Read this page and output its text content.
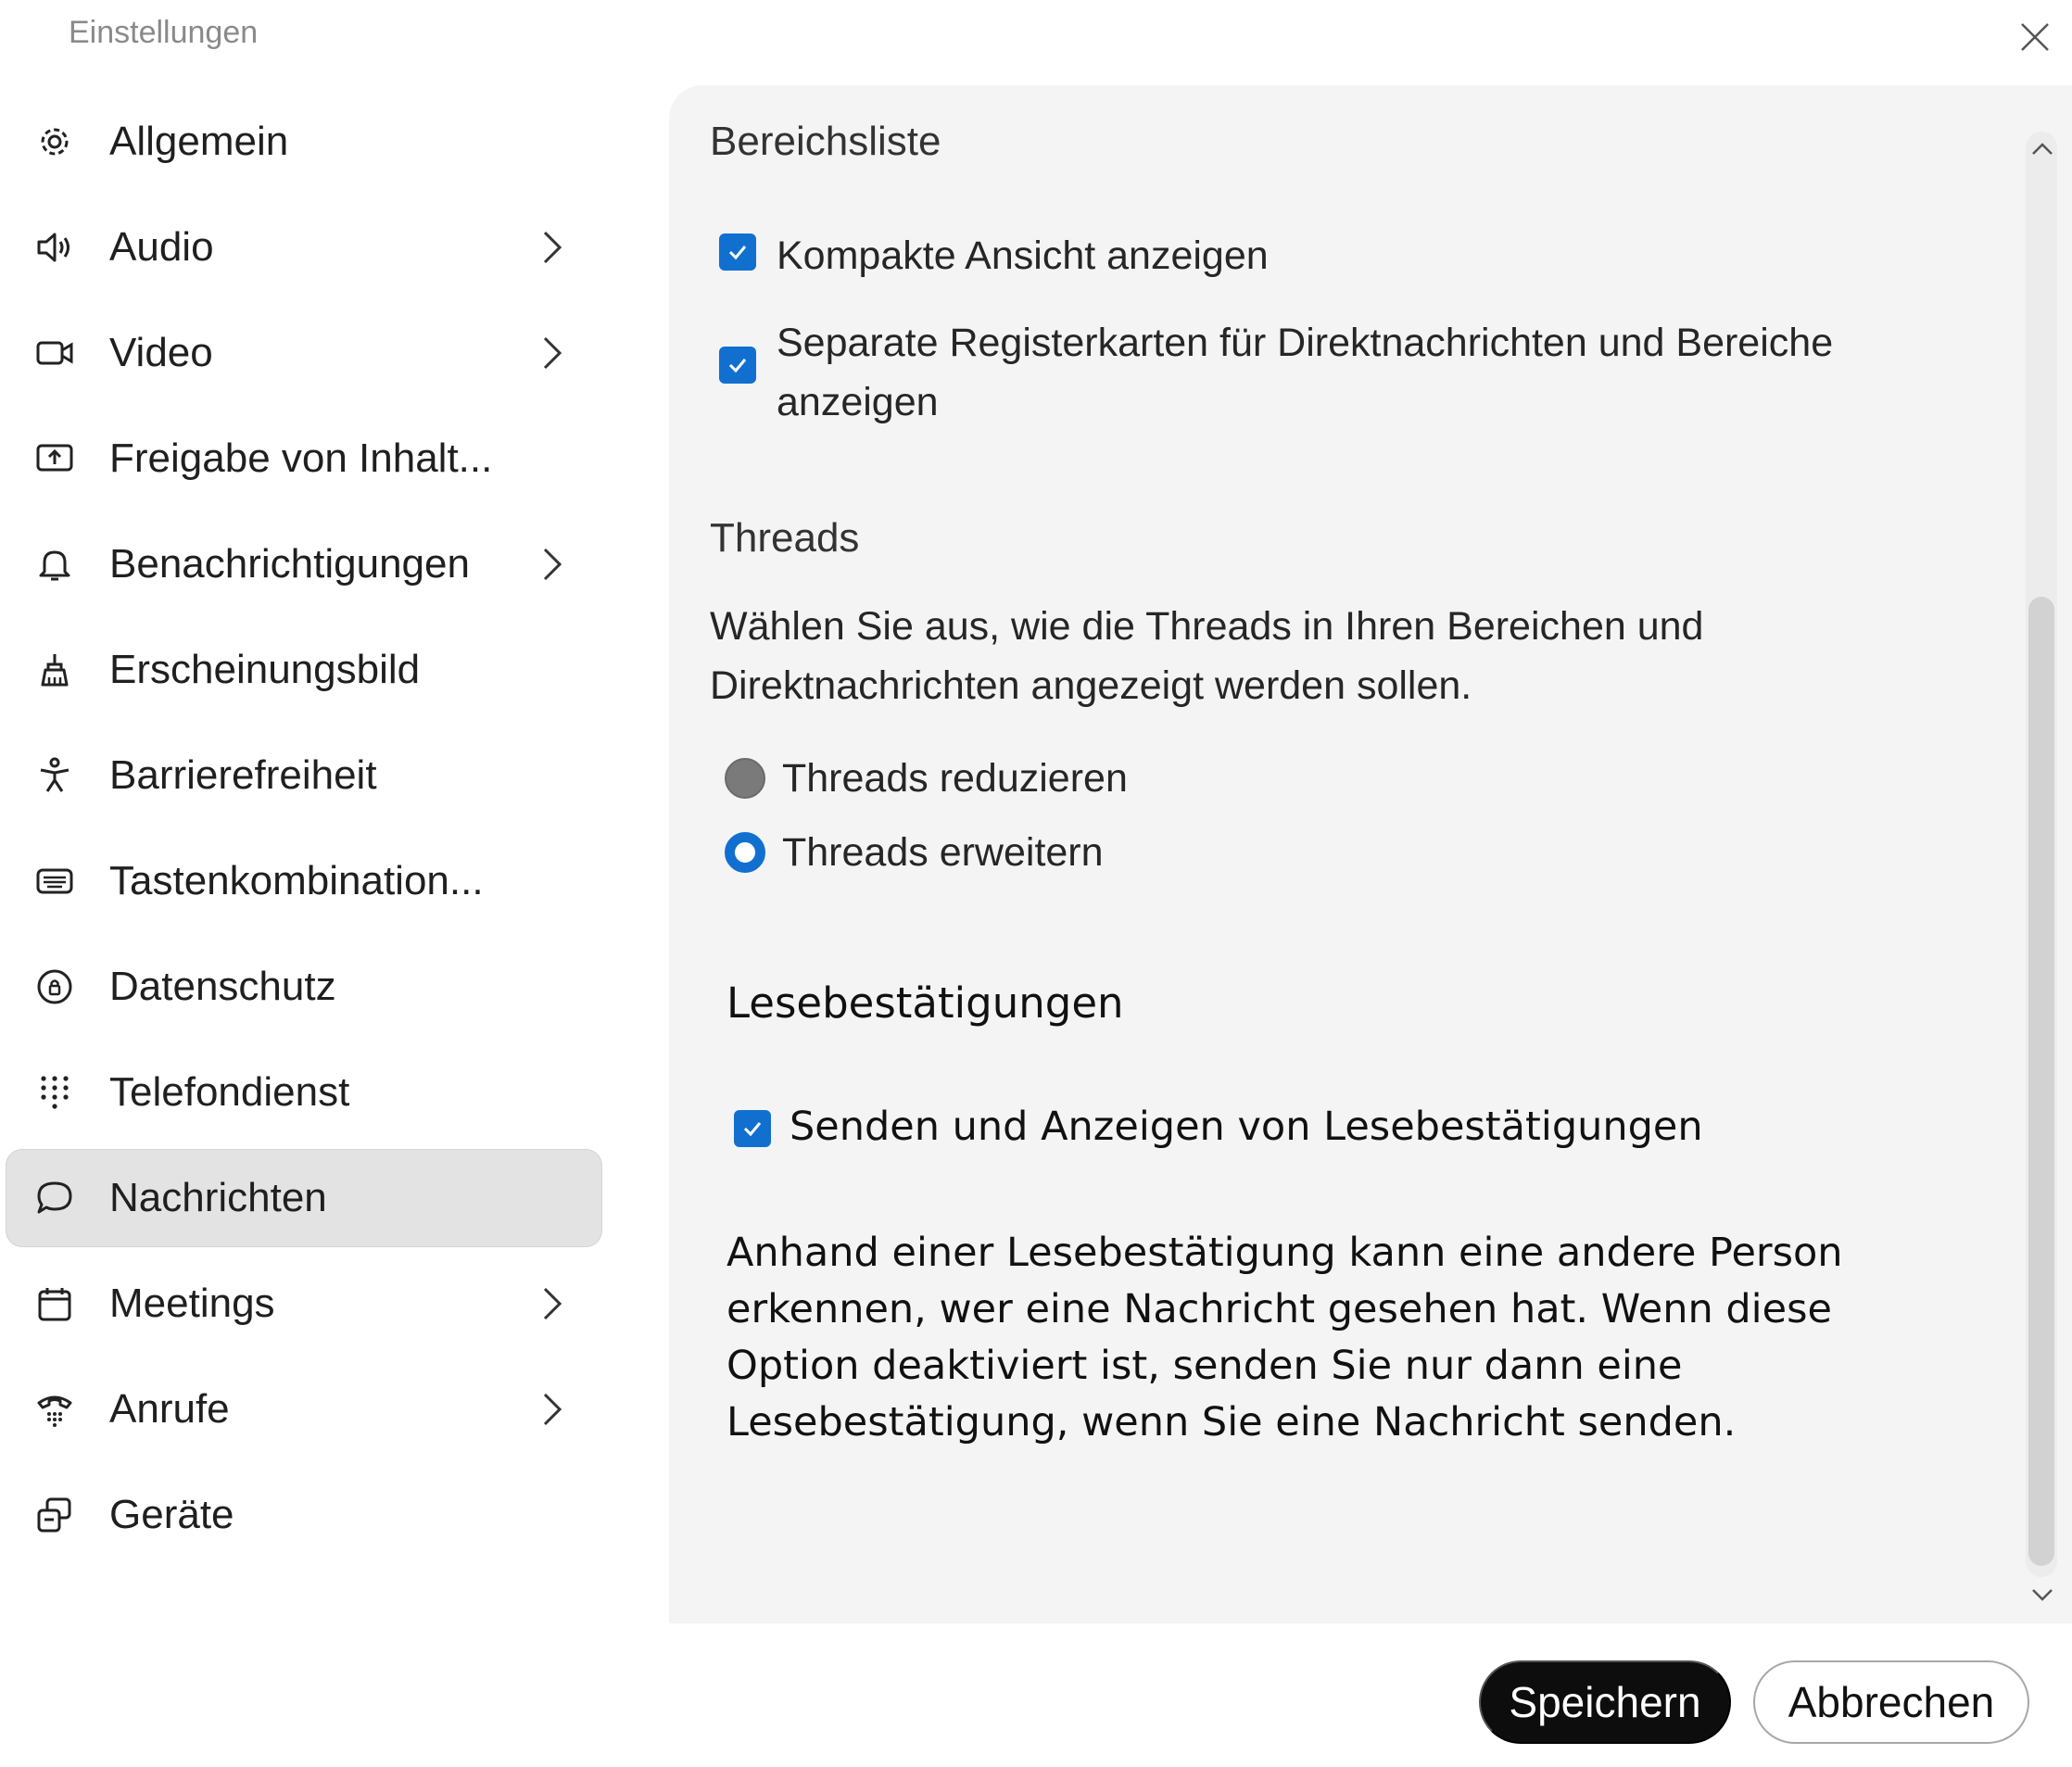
Einstellungen
Allgemein
Audio
Video
Freigabe von Inhalt...
Benachrichtigungen
Erscheinungsbild
Barrierefreiheit
Tastenkombination...
Datenschutz
Telefondienst
Nachrichten
Meetings
Anrufe
Geräte
Bereichsliste
Kompakte Ansicht anzeigen
Separate Registerkarten für Direktnachrichten und Bereiche anzeigen
Threads
Wählen Sie aus, wie die Threads in Ihren Bereichen und Direktnachrichten angezeigt werden sollen.
Threads reduzieren
Threads erweitern
Lesebestätigungen
Senden und Anzeigen von Lesebestätigungen
Anhand einer Lesebestätigung kann eine andere Person erkennen, wer eine Nachricht gesehen hat. Wenn diese Option deaktiviert ist, senden Sie nur dann eine Lesebestätigung, wenn Sie eine Nachricht senden.
Speichern	Abbrechen
